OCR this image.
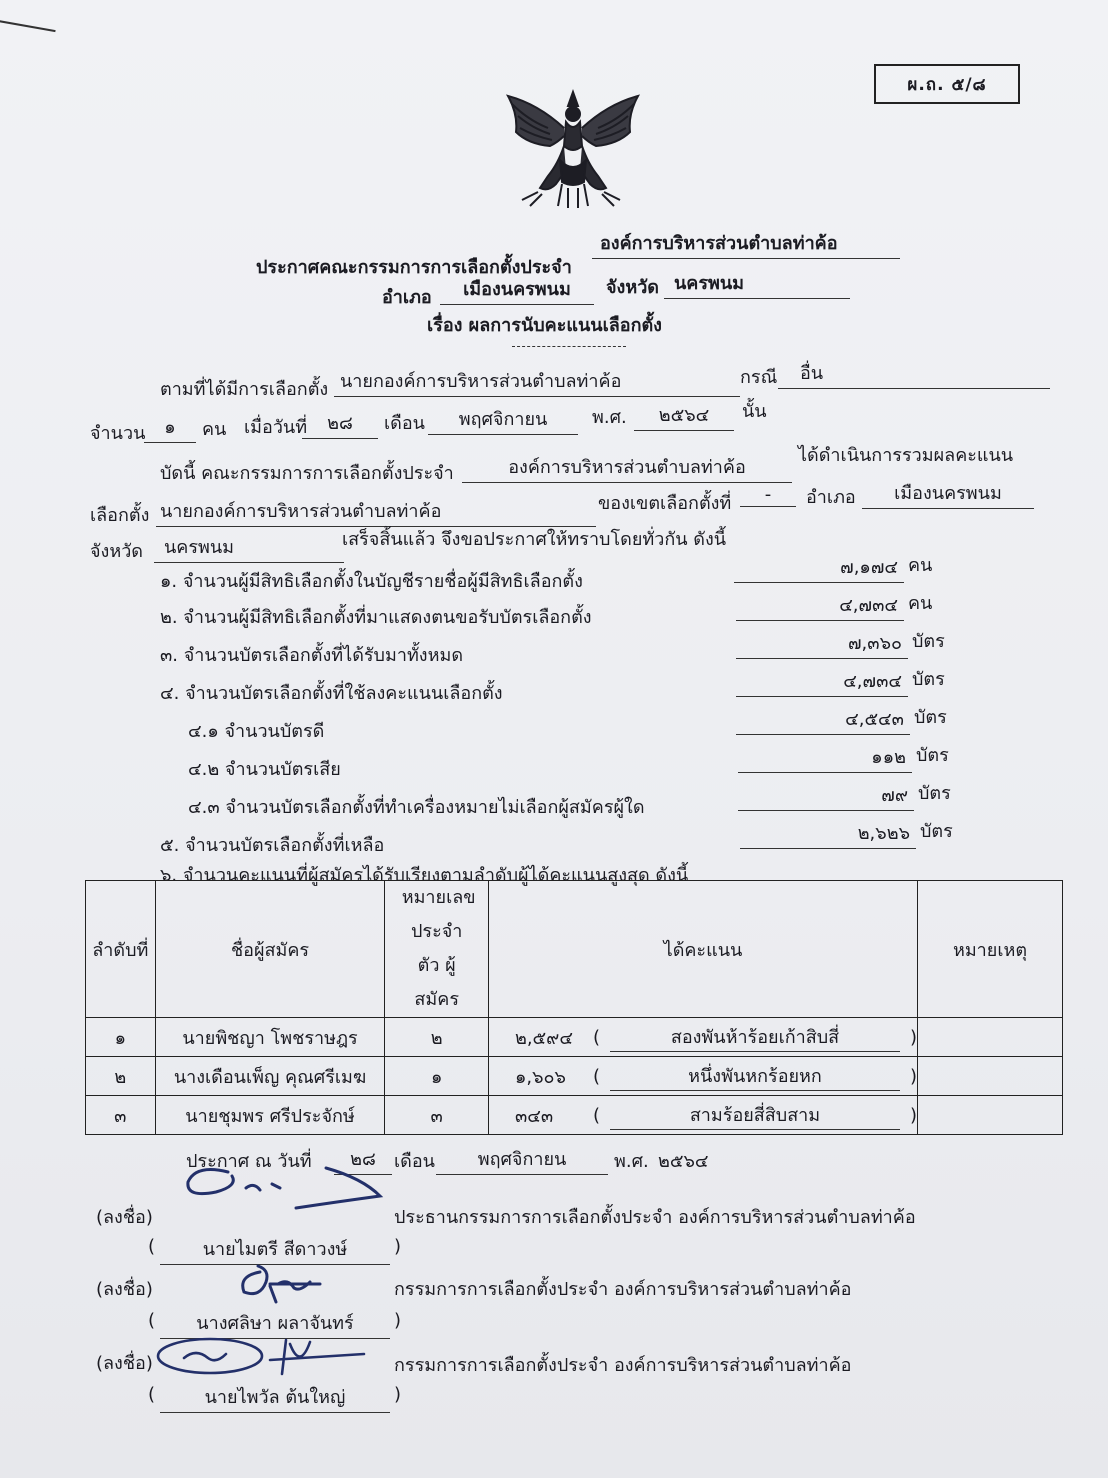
ผ.ถ. ๕/๘
ประกาศคณะกรรมการการเลือกตั้งประจำ
องค์การบริหารส่วนตำบลท่าค้อ
อำเภอ	เมืองนครพนม	จังหวัด นครพนม
เรื่อง ผลการนับคะแนนเลือกตั้ง
ตามที่ได้มีการเลือกตั้ง นายกองค์การบริหารส่วนตำบลท่าค้อ	กรณี	อื่น
จำนวน	๑	คน เมื่อวันที่	๒๘	เดือน	พฤศจิกายน	พ.ศ.	๒๕๖๔	นั้น
บัดนี้ คณะกรรมการการเลือกตั้งประจำ	องค์การบริหารส่วนตำบลท่าค้อ
ได้ดำเนินการรวมผลคะแนน
เลือกตั้ง นายกองค์การบริหารส่วนตำบลท่าค้อ	ของเขตเลือกตั้งที่	-	อำเภอ	เมืองนครพนม
จังหวัด	นครพนม	เสร็จสิ้นแล้ว จึงขอประกาศให้ทราบโดยทั่วกัน ดังนี้
๑. จำนวนผู้มีสิทธิเลือกตั้งในบัญชีรายชื่อผู้มีสิทธิเลือกตั้ง
๗,๑๗๔ คน
๒. จำนวนผู้มีสิทธิเลือกตั้งที่มาแสดงตนขอรับบัตรเลือกตั้ง
๔,๗๓๔ คน
๓. จำนวนบัตรเลือกตั้งที่ได้รับมาทั้งหมด
๗,๓๖๐ บัตร
๔. จำนวนบัตรเลือกตั้งที่ใช้ลงคะแนนเลือกตั้ง
๔,๗๓๔ บัตร
๔.๑ จำนวนบัตรดี
๔,๕๔๓ บัตร
๔.๒ จำนวนบัตรเสีย
๑๑๒ บัตร
๔.๓ จำนวนบัตรเลือกตั้งที่ทำเครื่องหมายไม่เลือกผู้สมัครผู้ใด
๗๙ บัตร
๕. จำนวนบัตรเลือกตั้งที่เหลือ
๒,๖๒๖ บัตร
๖. จำนวนคะแนนที่ผู้สมัครได้รับเรียงตามลำดับผู้ได้คะแนนสูงสุด ดังนี้
ลำดับที่	ชื่อผู้สมัคร	หมายเลข ประจำตัว ผู้สมัคร	ได้คะแนน	หมายเหตุ
๑	นายพิชญา โพชราษฎร	๒	๒,๕๙๔ ( สองพันห้าร้อยเก้าสิบสี่ )	

๒	นางเดือนเพ็ญ คุณศรีเมฆ	๑	๑,๖๐๖ ( หนึ่งพันหกร้อยหก )	

๓	นายชุมพร ศรีประจักษ์	๓	๓๔๓ ( สามร้อยสี่สิบสาม )	

ประกาศ ณ วันที่	๒๘	เดือน	พฤศจิกายน	พ.ศ. ๒๕๖๔
(ลงชื่อ)	ประธานกรรมการการเลือกตั้งประจำ องค์การบริหารส่วนตำบลท่าค้อ
(	นายไมตรี สีดาวงษ์	)
(ลงชื่อ)	กรรมการการเลือกตั้งประจำ องค์การบริหารส่วนตำบลท่าค้อ
(	นางศลิษา ผลาจันทร์	)
(ลงชื่อ)	กรรมการการเลือกตั้งประจำ องค์การบริหารส่วนตำบลท่าค้อ
(	นายไพวัล ต้นใหญ่	)
